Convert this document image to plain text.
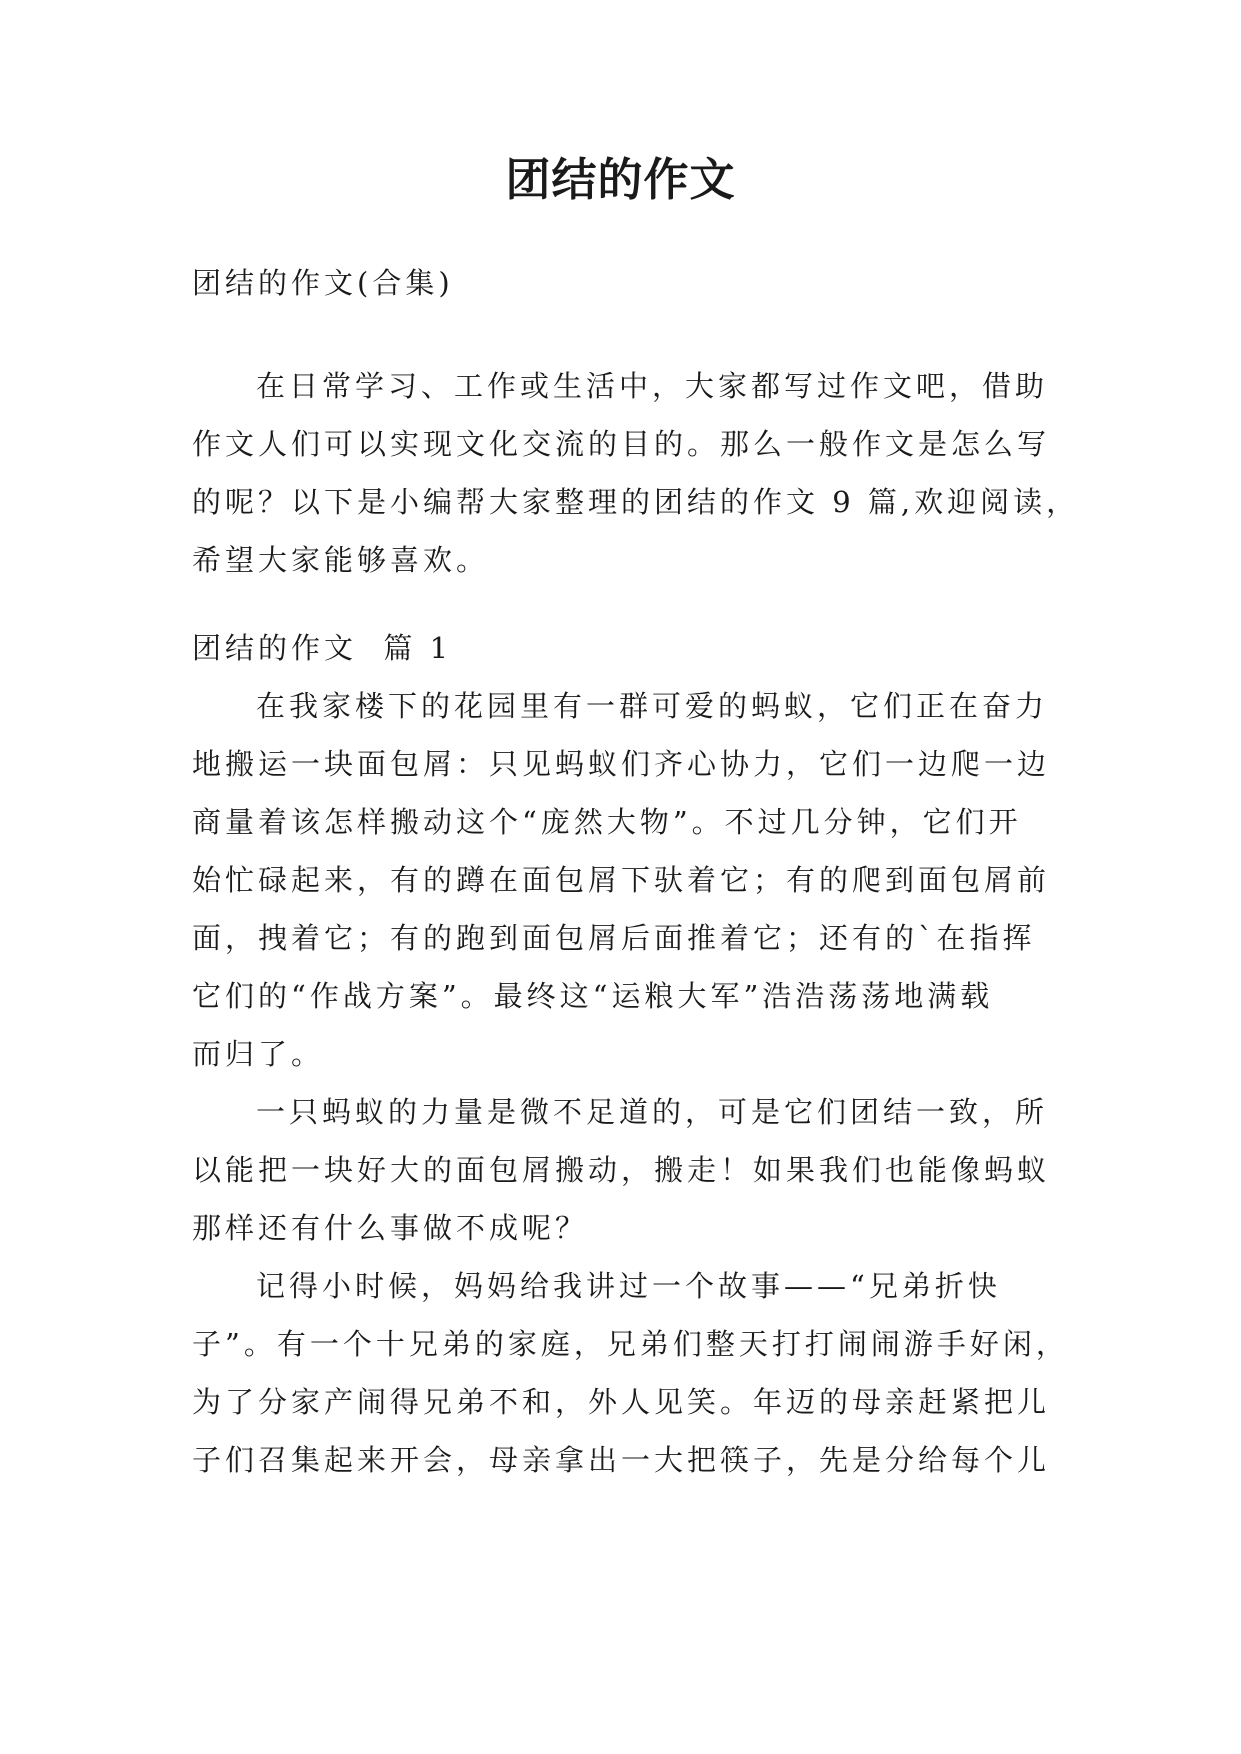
团结的作文

团结的作文(合集)

在日常学习、工作或生活中，大家都写过作文吧，借助

作文人们可以实现文化交流的目的。那么一般作文是怎么写

的呢？以下是小编帮大家整理的团结的作文 9 篇,欢迎阅读，

希望大家能够喜欢。

团结的作文  篇 1

在我家楼下的花园里有一群可爱的蚂蚁，它们正在奋力

地搬运一块面包屑：只见蚂蚁们齐心协力，它们一边爬一边

商量着该怎样搬动这个“庞然大物”。不过几分钟，它们开

始忙碌起来，有的蹲在面包屑下驮着它；有的爬到面包屑前

面，拽着它；有的跑到面包屑后面推着它；还有的`在指挥

它们的“作战方案”。最终这“运粮大军”浩浩荡荡地满载

而归了。

一只蚂蚁的力量是微不足道的，可是它们团结一致，所

以能把一块好大的面包屑搬动，搬走！如果我们也能像蚂蚁

那样还有什么事做不成呢？

记得小时候，妈妈给我讲过一个故事——“兄弟折快

子”。有一个十兄弟的家庭，兄弟们整天打打闹闹游手好闲，

为了分家产闹得兄弟不和，外人见笑。年迈的母亲赶紧把儿

子们召集起来开会，母亲拿出一大把筷子，先是分给每个儿
